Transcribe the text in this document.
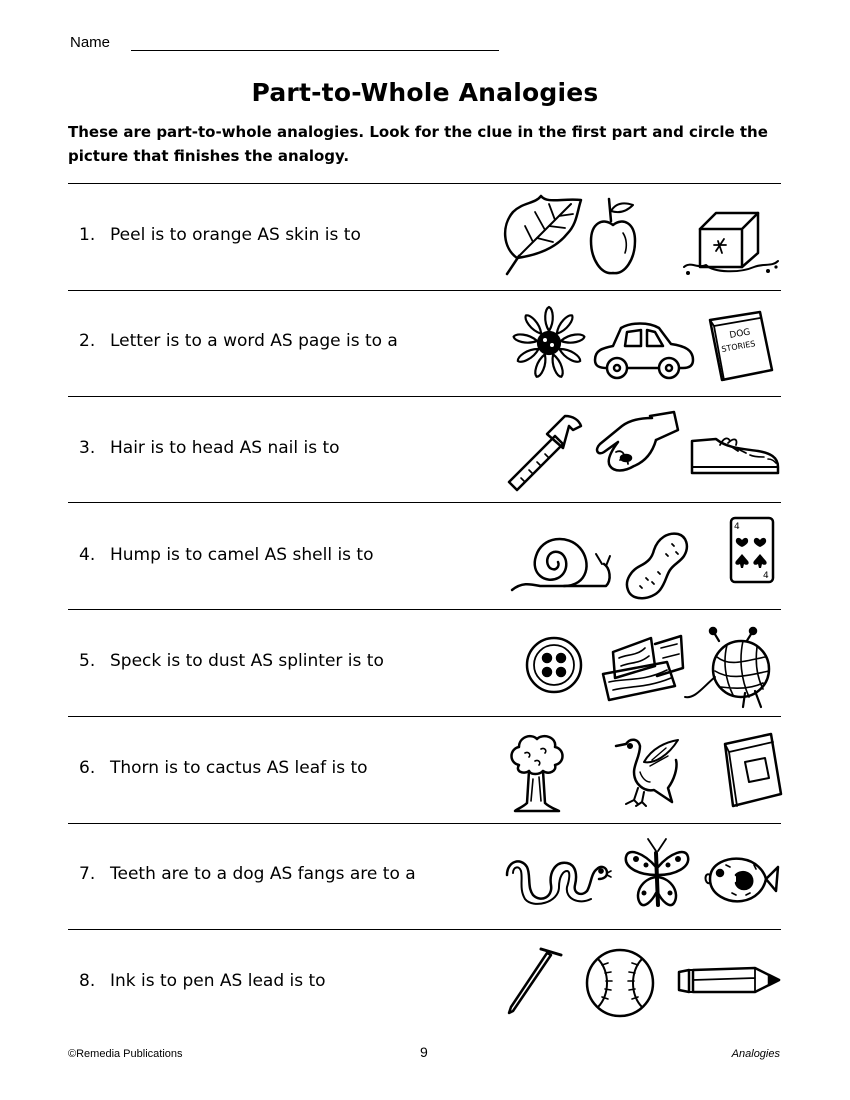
Name
Part-to-Whole Analogies
These are part-to-whole analogies. Look for the clue in the first part and circle the picture that finishes the analogy.
1. Peel is to orange AS skin is to
2. Letter is to a word AS page is to a	DOG
STORIES
3. Hair is to head AS nail is to
4. Hump is to camel AS shell is to
4
4
5. Speck is to dust AS splinter is to
6. Thorn is to cactus AS leaf is to
7. Teeth are to a dog AS fangs are to a
8. Ink is to pen AS lead is to
©Remedia Publications	9	Analogies
